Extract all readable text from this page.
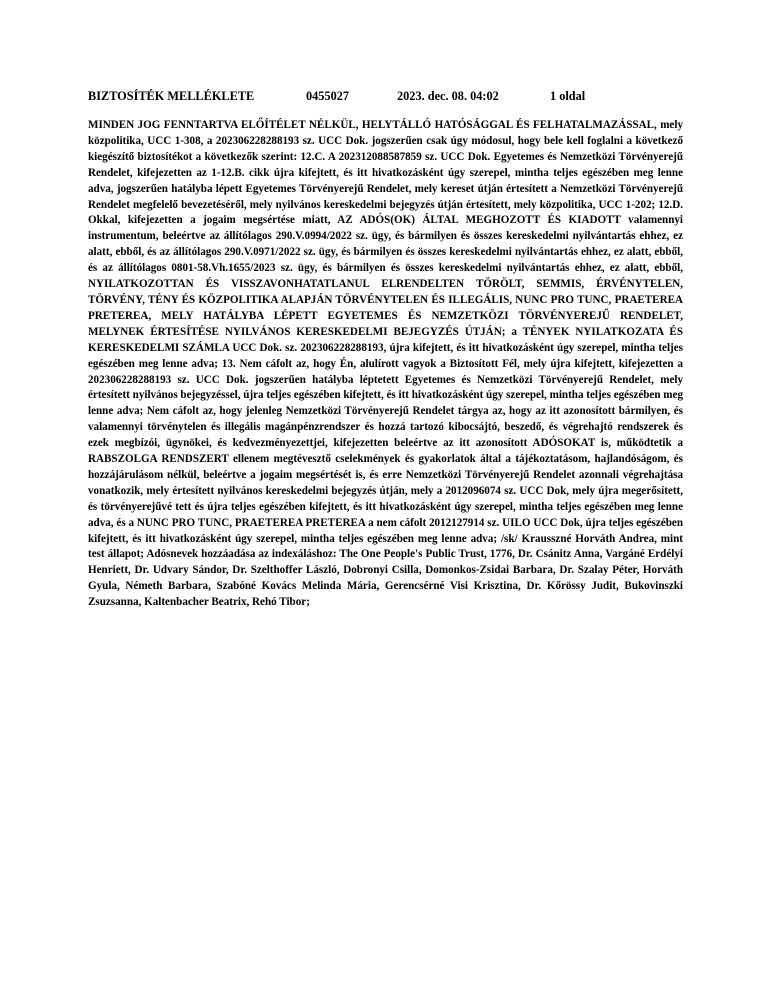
BIZTOSÍTÉK MELLÉKLETE	0455027	2023. dec. 08. 04:02	1 oldal

MINDEN JOG FENNTARTVA ELŐÍTÉLET NÉLKÜL, HELYTÁLLÓ HATÓSÁGGAL ÉS FELHATALMAZÁSSAL, mely közpolitika, UCC 1-308, a 202306228288193 sz. UCC Dok. jogszerűen csak úgy módosul, hogy bele kell foglalni a következő kiegészítő biztosítékot a következők szerint: 12.C. A 202312088587859 sz. UCC Dok. Egyetemes és Nemzetközi Törvényerejű Rendelet, kifejezetten az 1-12.B. cikk újra kifejtett, és itt hivatkozásként úgy szerepel, mintha teljes egészében meg lenne adva, jogszerűen hatályba lépett Egyetemes Törvényerejű Rendelet, mely kereset útján értesített a Nemzetközi Törvényerejű Rendelet megfelelő bevezetéséről, mely nyilvános kereskedelmi bejegyzés útján értesített, mely közpolitika, UCC 1-202; 12.D. Okkal, kifejezetten a jogaim megsértése miatt, AZ ADÓS(OK) ÁLTAL MEGHOZOTT ÉS KIADOTT valamennyi instrumentum, beleértve az állítólagos 290.V.0994/2022 sz. ügy, és bármilyen és összes kereskedelmi nyilvántartás ehhez, ez alatt, ebből, és az állítólagos 290.V.0971/2022 sz. ügy, és bármilyen és összes kereskedelmi nyilvántartás ehhez, ez alatt, ebből, és az állítólagos 0801-58.Vh.1655/2023 sz. ügy, és bármilyen és összes kereskedelmi nyilvántartás ehhez, ez alatt, ebből, NYILATKOZOTTAN ÉS VISSZAVONHATATLANUL ELRENDELTEN TÖRÖLT, SEMMIS, ÉRVÉNYTELEN, TÖRVÉNY, TÉNY ÉS KÖZPOLITIKA ALAPJÁN TÖRVÉNYTELEN ÉS ILLEGÁLIS, NUNC PRO TUNC, PRAETEREA PRETEREA, MELY HATÁLYBA LÉPETT EGYETEMES ÉS NEMZETKÖZI TÖRVÉNYEREJŰ RENDELET, MELYNEK ÉRTESÍTÉSE NYILVÁNOS KERESKEDELMI BEJEGYZÉS ÚTJÁN; a TÉNYEK NYILATKOZATA ÉS KERESKEDELMI SZÁMLA UCC Dok. sz. 202306228288193, újra kifejtett, és itt hivatkozásként úgy szerepel, mintha teljes egészében meg lenne adva; 13. Nem cáfolt az, hogy Én, alulírott vagyok a Biztosított Fél, mely újra kifejtett, kifejezetten a 202306228288193 sz. UCC Dok. jogszerűen hatályba léptetett Egyetemes és Nemzetközi Törvényerejű Rendelet, mely értesített nyilvános bejegyzéssel, újra teljes egészében kifejtett, és itt hivatkozásként úgy szerepel, mintha teljes egészében meg lenne adva; Nem cáfolt az, hogy jelenleg Nemzetközi Törvényerejű Rendelet tárgya az, hogy az itt azonosított bármilyen, és valamennyi törvénytelen és illegális magánpénzrendszer és hozzá tartozó kibocsájtó, beszedő, és végrehajtó rendszerek és ezek megbízói, ügynökei, és kedvezményezettjei, kifejezetten beleértve az itt azonosított ADÓSOKAT is, működtetik a RABSZOLGA RENDSZERT ellenem megtévesztő cselekmények és gyakorlatok által a tájékoztatásom, hajlandóságom, és hozzájárulásom nélkül, beleértve a jogaim megsértését is, és erre Nemzetközi Törvényerejű Rendelet azonnali végrehajtása vonatkozik, mely értesített nyilvános kereskedelmi bejegyzés útján, mely a 2012096074 sz. UCC Dok, mely újra megerősített, és törvényerejűvé tett és újra teljes egészében kifejtett, és itt hivatkozásként úgy szerepel, mintha teljes egészében meg lenne adva, és a NUNC PRO TUNC, PRAETEREA PRETEREA a nem cáfolt 2012127914 sz. UILO UCC Dok, újra teljes egészében kifejtett, és itt hivatkozásként úgy szerepel, mintha teljes egészében meg lenne adva; /sk/ Krausszné Horváth Andrea, mint test állapot; Adósnevek hozzáadása az indexáláshoz: The One People's Public Trust, 1776, Dr. Csánitz Anna, Vargáné Erdélyi Henriett, Dr. Udvary Sándor, Dr. Szelthoffer László, Dobronyi Csilla, Domonkos-Zsidai Barbara, Dr. Szalay Péter, Horváth Gyula, Németh Barbara, Szabóné Kovács Melinda Mária, Gerencsérné Visi Krisztina, Dr. Kőrössy Judit, Bukovinszki Zsuzsanna, Kaltenbacher Beatrix, Rehó Tibor;
